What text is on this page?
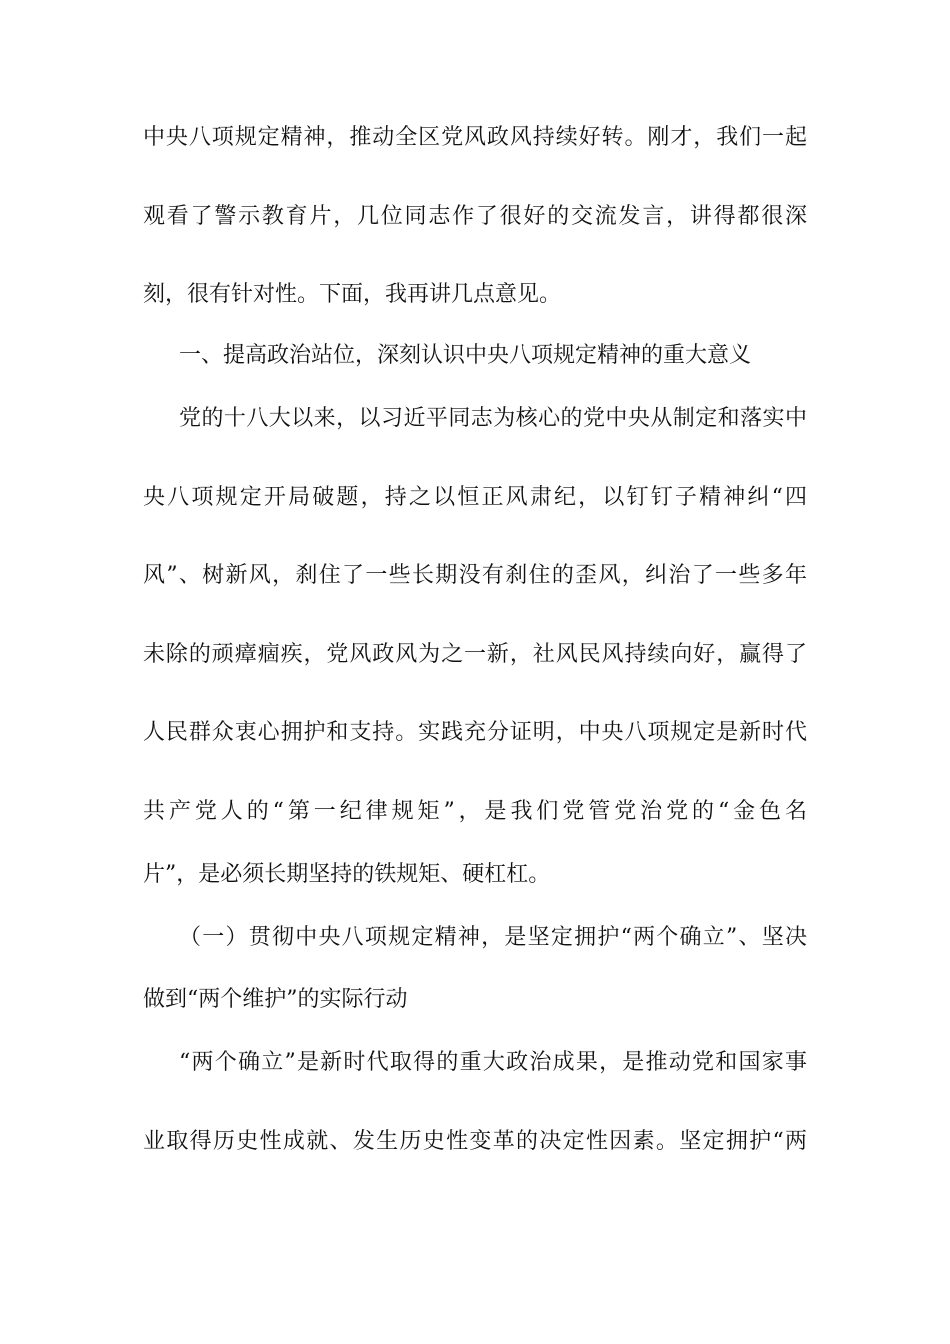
中央八项规定精神，推动全区党风政风持续好转。刚才，我们一起
观看了警示教育片，几位同志作了很好的交流发言，讲得都很深
刻，很有针对性。下面，我再讲几点意见。
一、提高政治站位，深刻认识中央八项规定精神的重大意义
党的十八大以来，以习近平同志为核心的党中央从制定和落实中
央八项规定开局破题，持之以恒正风肃纪，以钉钉子精神纠“四
风”、树新风，刹住了一些长期没有刹住的歪风，纠治了一些多年
未除的顽瘴痼疾，党风政风为之一新，社风民风持续向好，赢得了
人民群众衷心拥护和支持。实践充分证明，中央八项规定是新时代
共产党人的“第一纪律规矩”，是我们党管党治党的“金色名
片”，是必须长期坚持的铁规矩、硬杠杠。
（一）贯彻中央八项规定精神，是坚定拥护“两个确立”、坚决
做到“两个维护”的实际行动
“两个确立”是新时代取得的重大政治成果，是推动党和国家事
业取得历史性成就、发生历史性变革的决定性因素。坚定拥护“两
